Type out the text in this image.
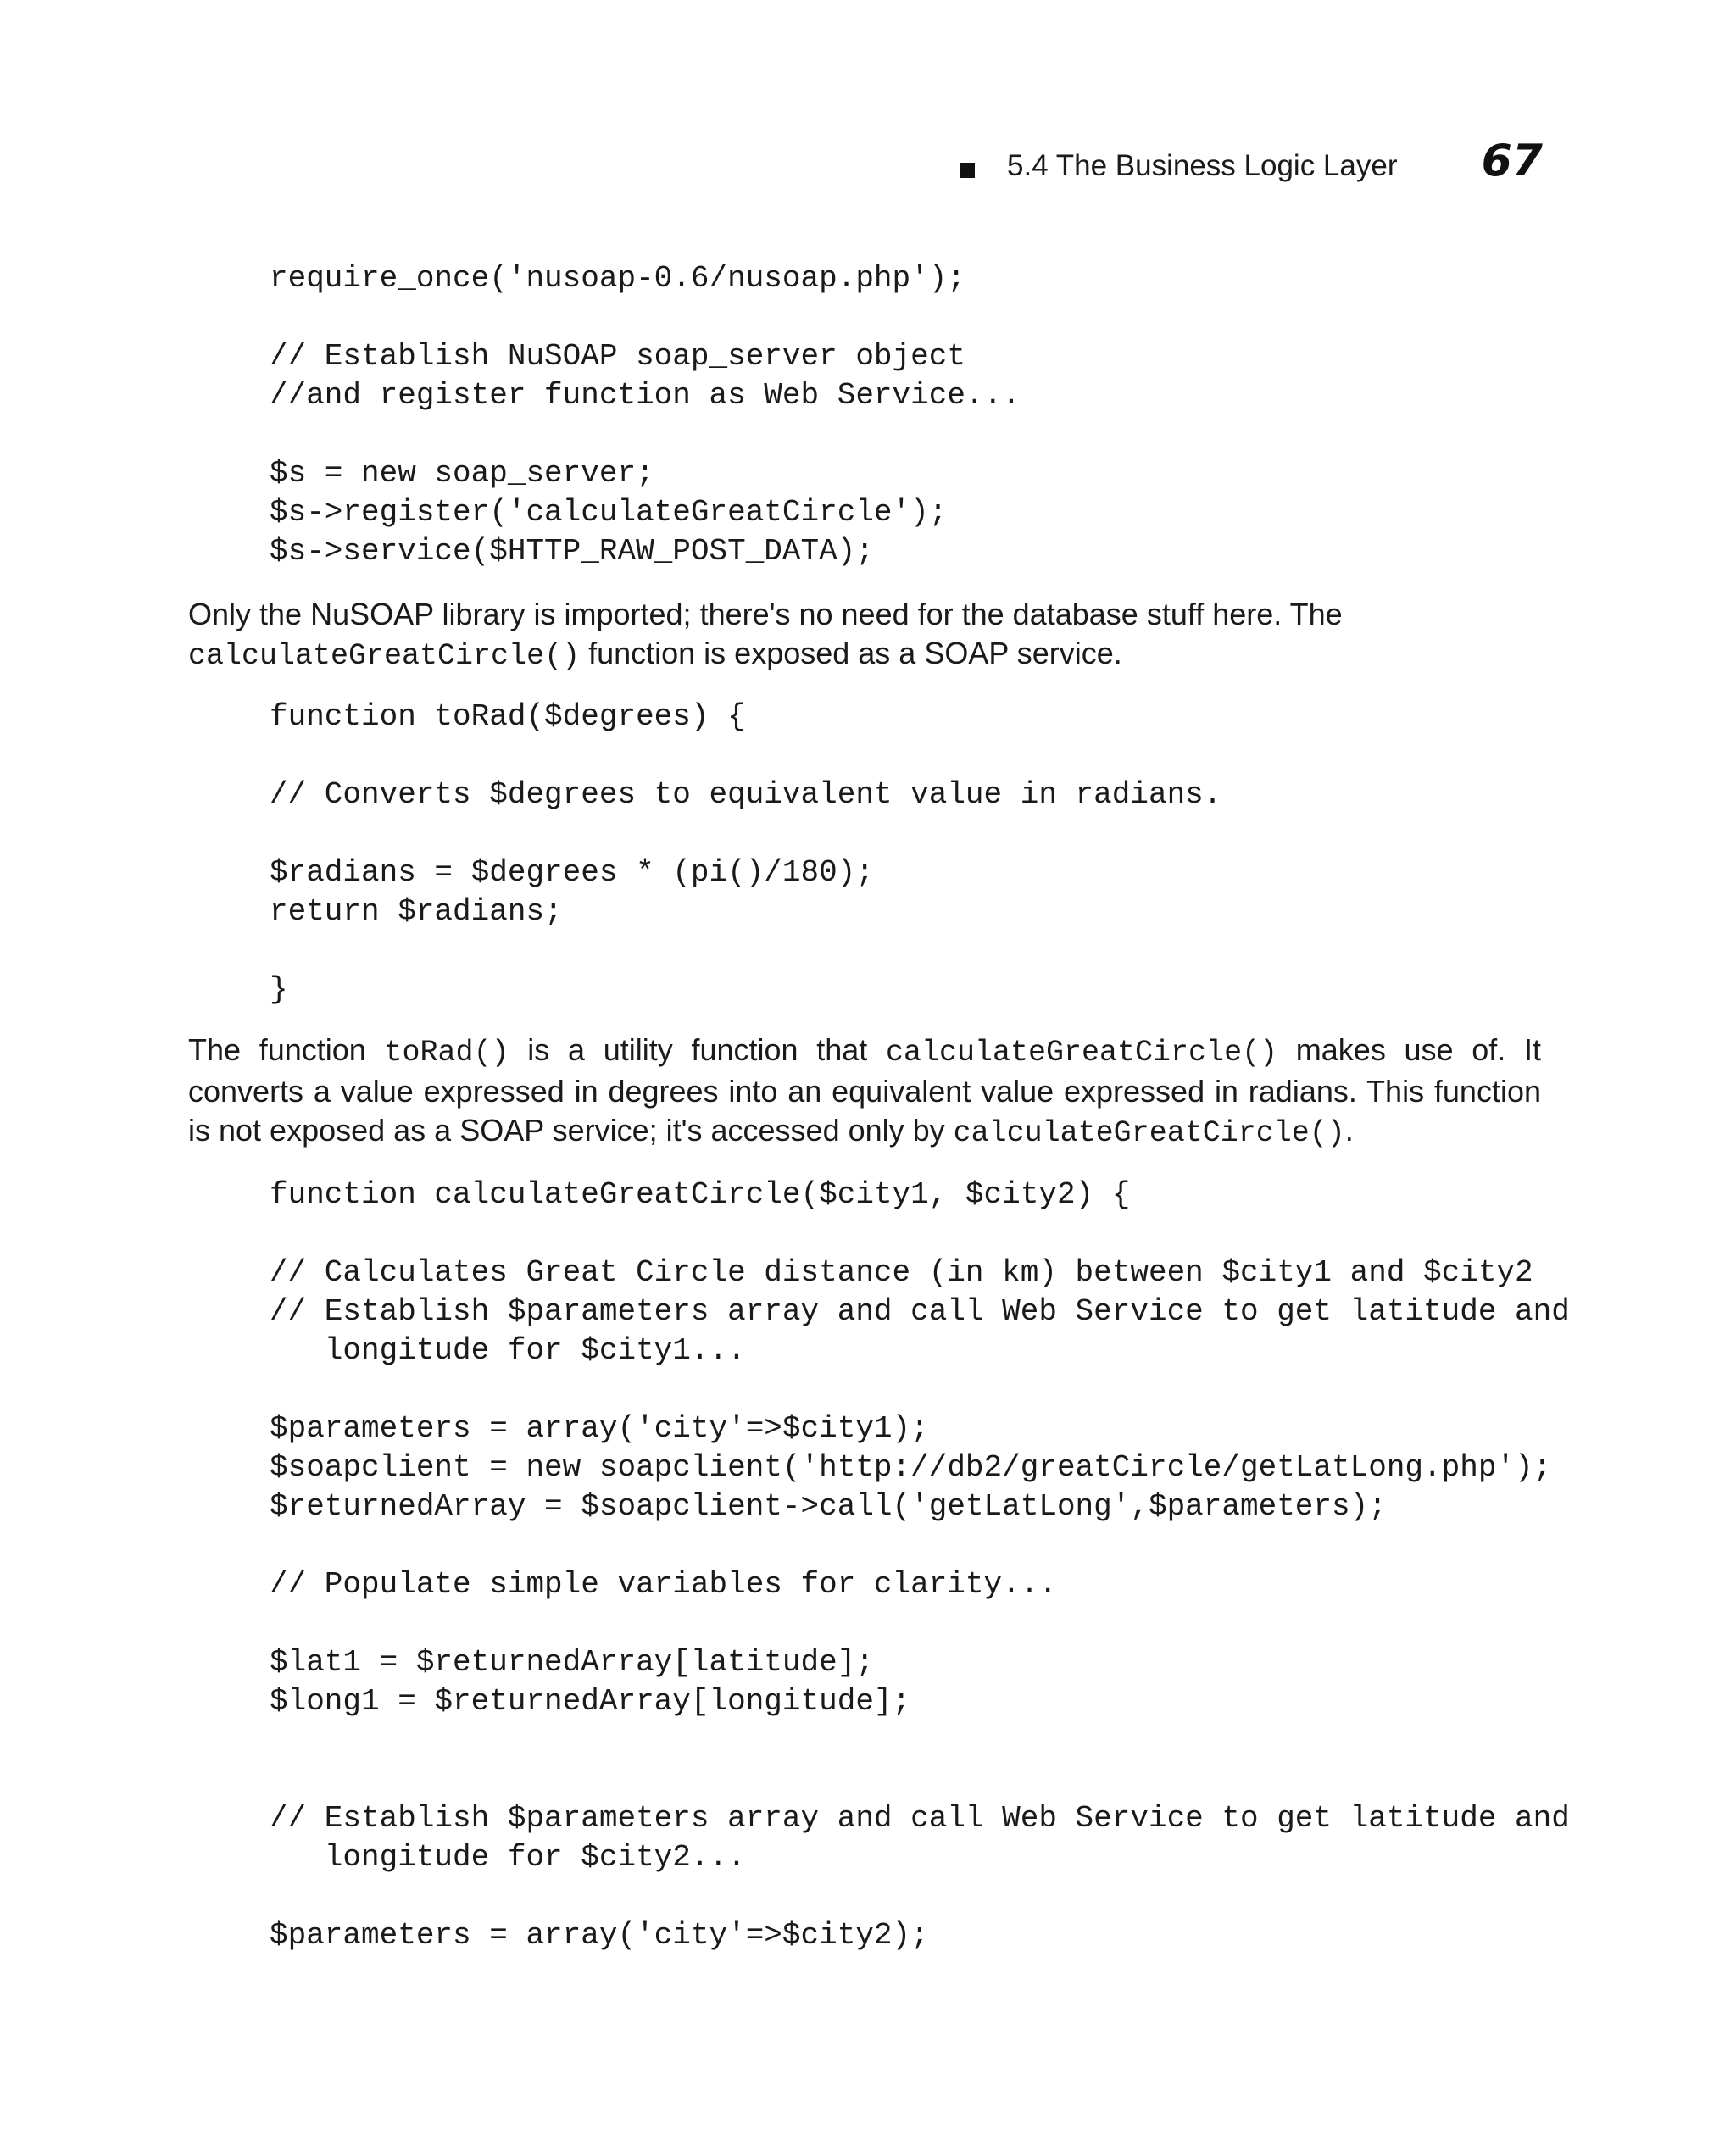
5.4 The Business Logic Layer 67
require_once('nusoap-0.6/nusoap.php');

// Establish NuSOAP soap_server object
//and register function as Web Service...

$s = new soap_server;
$s->register('calculateGreatCircle');
$s->service($HTTP_RAW_POST_DATA);

Only the NuSOAP library is imported; there's no need for the database stuff here. The
calculateGreatCircle() function is exposed as a SOAP service.

function toRad($degrees) {

// Converts $degrees to equivalent value in radians.

$radians = $degrees * (pi()/180);
return $radians;

}

The function toRad() is a utility function that calculateGreatCircle() makes use of. It converts a value expressed in degrees into an equivalent value expressed in radians. This function is not exposed as a SOAP service; it's accessed only by calculateGreatCircle().

function calculateGreatCircle($city1, $city2) {

// Calculates Great Circle distance (in km) between $city1 and $city2
// Establish $parameters array and call Web Service to get latitude and
longitude for $city1...

$parameters = array('city'=>$city1);
$soapclient = new soapclient('http://db2/greatCircle/getLatLong.php');
$returnedArray = $soapclient->call('getLatLong',$parameters);

// Populate simple variables for clarity...

$lat1 = $returnedArray[latitude];
$long1 = $returnedArray[longitude];

// Establish $parameters array and call Web Service to get latitude and
longitude for $city2...

$parameters = array('city'=>$city2);
